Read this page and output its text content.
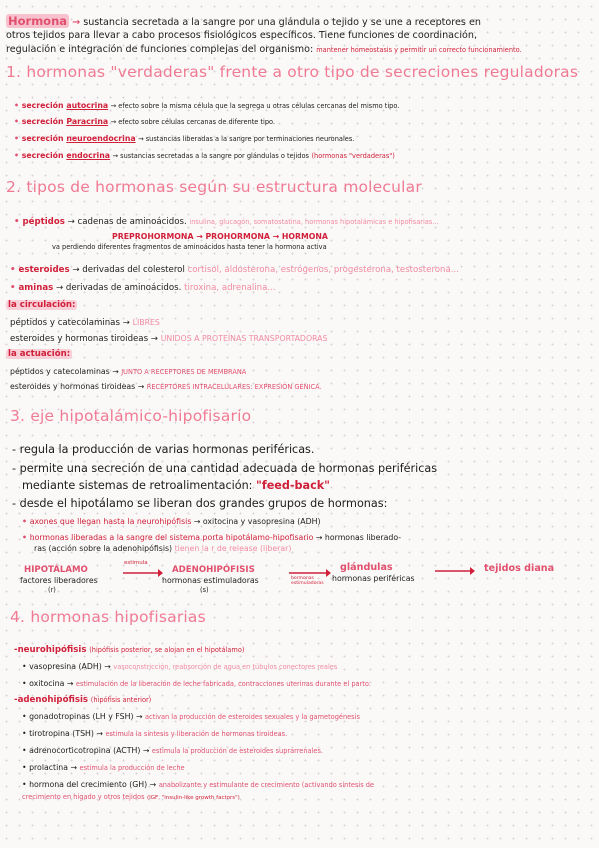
Hormona → sustancia secretada a la sangre por una glándula o tejido y se une a receptores en
otros tejidos para llevar a cabo procesos fisiológicos específicos. Tiene funciones de coordinación,
regulación e integración de funciones complejas del organismo: mantener homeostasis y permitir un correcto funcionamiento.
1. hormonas "verdaderas" frente a otro tipo de secreciones reguladoras
• secreción autocrina → efecto sobre la misma célula que la segrega u otras células cercanas del mismo tipo.
• secreción Paracrina → efecto sobre células cercanas de diferente tipo.
• secreción neuroendocrina → sustancias liberadas a la sangre por terminaciones neuronales.
• secreción endocrina → sustancias secretadas a la sangre por glándulas o tejidos (hormonas "verdaderas")
2. tipos de hormonas según su estructura molecular
• péptidos → cadenas de aminoácidos. insulina, glucagón, somatostatina, hormonas hipotalámicas e hipofisarias...
PREPROHORMONA → PROHORMONA → HORMONA
va perdiendo diferentes fragmentos de aminoácidos hasta tener la hormona activa
• esteroides → derivadas del colesterol cortisol, aldosterona, estrógenos, progesterona, testosterona...
• aminas → derivadas de aminoácidos. tiroxina, adrenalina...
la circulación:
péptidos y catecolaminas → LIBRES
esteroides y hormonas tiroideas → UNIDOS A PROTEÍNAS TRANSPORTADORAS
la actuación:
péptidos y catecolaminas → JUNTO A RECEPTORES DE MEMBRANA
esteroides y hormonas tiroideas → RECEPTORES INTRACELULARES: EXPRESIÓN GÉNICA.
3. eje hipotalámico-hipofisario
- regula la producción de varias hormonas periféricas.
- permite una secreción de una cantidad adecuada de hormonas periféricas
mediante sistemas de retroalimentación: "feed-back"
- desde el hipotálamo se liberan dos grandes grupos de hormonas:
• axones que llegan hasta la neurohipófisis → oxitocina y vasopresina (ADH)
• hormonas liberadas a la sangre del sistema porta hipotálamo-hipofisario → hormonas liberado-
ras (acción sobre la adenohipófisis) tienen la r de release (liberar)
HIPOTÁLAMO
factores liberadores
(r)
estimula
ADENOHIPÓFISIS
hormonas estimuladoras
(s)
hormonas estimuladoras
glándulas
hormonas periféricas
tejidos diana
4. hormonas hipofisarias
-neurohipófisis (hipófisis posterior, se alojan en el hipotálamo)
• vasopresina (ADH) → vasoconstricción, reabsorción de agua en túbulos conectores reales
• oxitocina → estimulación de la liberación de leche fabricada, contracciones uterinas durante el parto.
-adenohipófisis (hipófisis anterior)
• gonadotropinas (LH y FSH) → activan la producción de esteroides sexuales y la gametogénesis
• tirotropina (TSH) → estimula la síntesis y liberación de hormonas tiroideas.
• adrenocorticotropina (ACTH) → estimula la producción de esteroides suprarrenales.
• prolactina → estimula la producción de leche
• hormona del crecimiento (GH) → anabolizante y estimulante de crecimiento (activando síntesis de
crecimiento en hígado y otros tejidos (IGF, "insulin-like growth factors")
